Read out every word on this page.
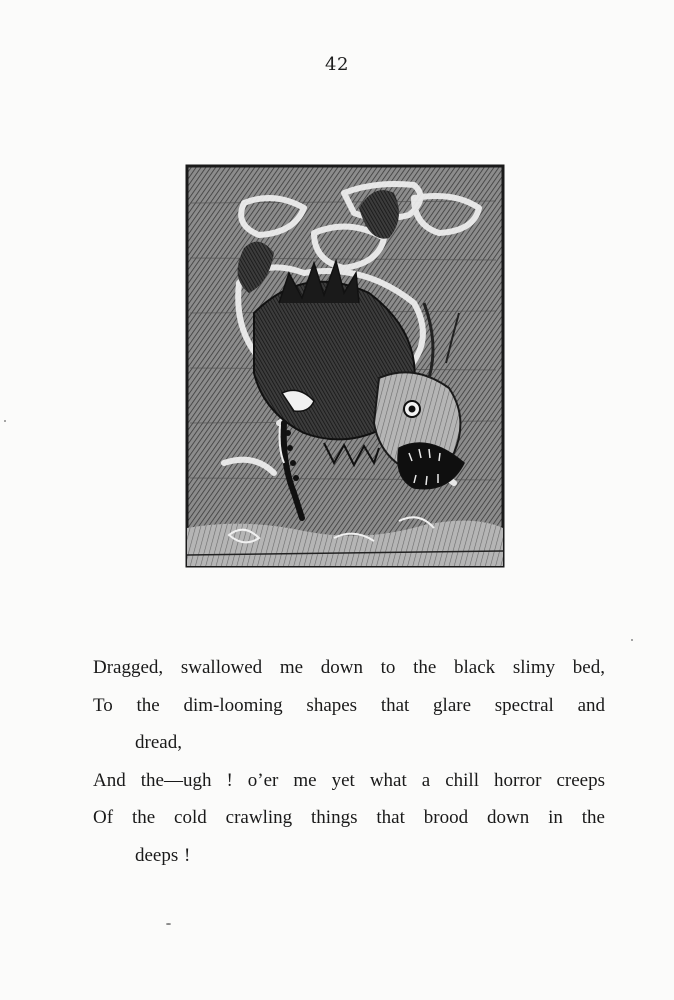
42
Dragged, swallowed me down to the black slimy bed,
To the dim-looming shapes that glare spectral and
dread,
And the—ugh ! o’er me yet what a chill horror creeps
Of the cold crawling things that brood down in the
deeps !
